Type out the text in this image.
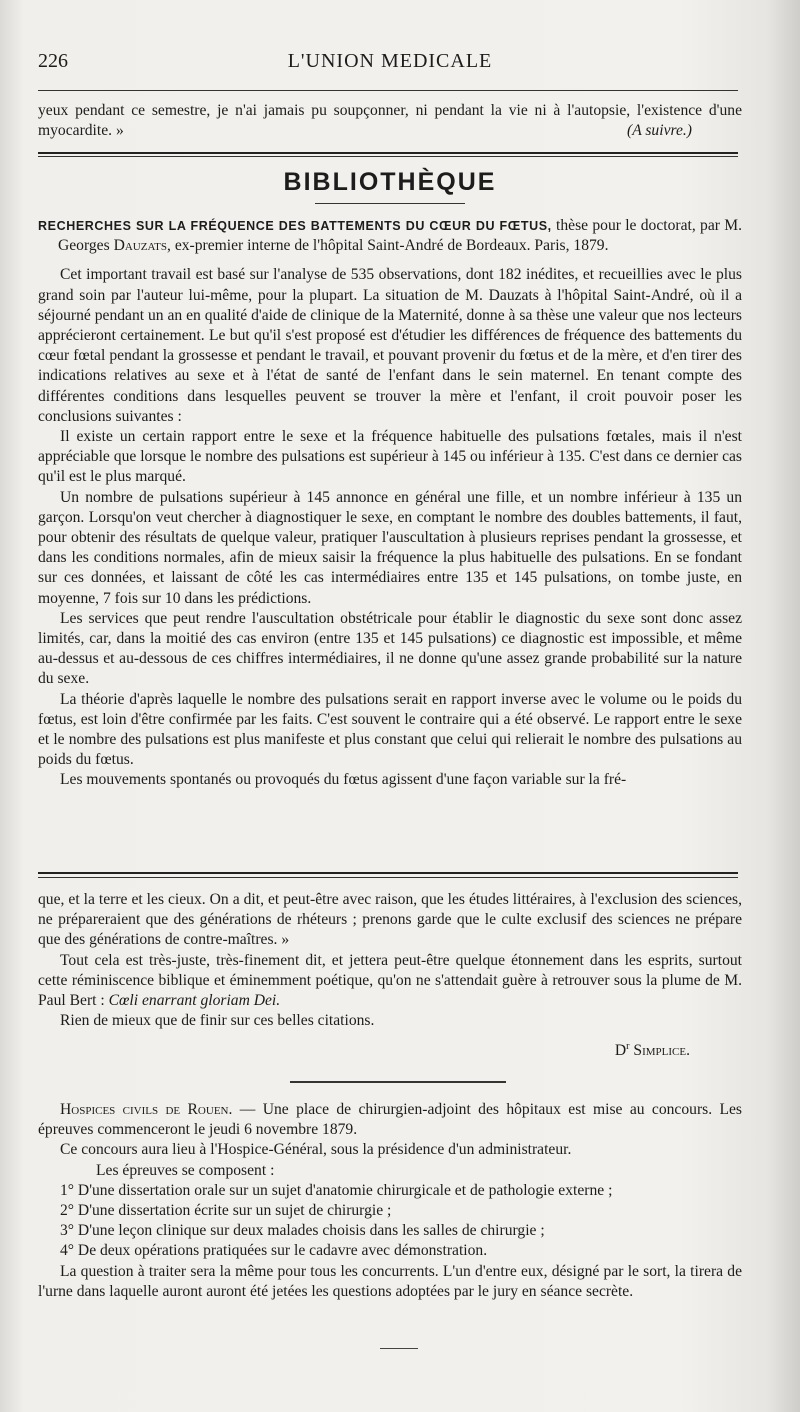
226	L'UNION MEDICALE

yeux pendant ce semestre, je n'ai jamais pu soupçonner, ni pendant la vie ni à l'autopsie, l'existence d'une myocardite. »	(A suivre.)

BIBLIOTHÈQUE

RECHERCHES SUR LA FRÉQUENCE DES BATTEMENTS DU CŒUR DU FŒTUS, thèse pour le doctorat, par M. Georges Dauzats, ex-premier interne de l'hôpital Saint-André de Bordeaux. Paris, 1879.

Cet important travail est basé sur l'analyse de 535 observations, dont 182 inédites, et recueillies avec le plus grand soin par l'auteur lui-même, pour la plupart. La situation de M. Dauzats à l'hôpital Saint-André, où il a séjourné pendant un an en qualité d'aide de clinique de la Maternité, donne à sa thèse une valeur que nos lecteurs apprécieront certainement. Le but qu'il s'est proposé est d'étudier les différences de fréquence des battements du cœur fœtal pendant la grossesse et pendant le travail, et pouvant provenir du fœtus et de la mère, et d'en tirer des indications relatives au sexe et à l'état de santé de l'enfant dans le sein maternel. En tenant compte des différentes conditions dans lesquelles peuvent se trouver la mère et l'enfant, il croit pouvoir poser les conclusions suivantes :

Il existe un certain rapport entre le sexe et la fréquence habituelle des pulsations fœtales, mais il n'est appréciable que lorsque le nombre des pulsations est supérieur à 145 ou inférieur à 135. C'est dans ce dernier cas qu'il est le plus marqué.

Un nombre de pulsations supérieur à 145 annonce en général une fille, et un nombre inférieur à 135 un garçon. Lorsqu'on veut chercher à diagnostiquer le sexe, en comptant le nombre des doubles battements, il faut, pour obtenir des résultats de quelque valeur, pratiquer l'auscultation à plusieurs reprises pendant la grossesse, et dans les conditions normales, afin de mieux saisir la fréquence la plus habituelle des pulsations. En se fondant sur ces données, et laissant de côté les cas intermédiaires entre 135 et 145 pulsations, on tombe juste, en moyenne, 7 fois sur 10 dans les prédictions.

Les services que peut rendre l'auscultation obstétricale pour établir le diagnostic du sexe sont donc assez limités, car, dans la moitié des cas environ (entre 135 et 145 pulsations) ce diagnostic est impossible, et même au-dessus et au-dessous de ces chiffres intermédiaires, il ne donne qu'une assez grande probabilité sur la nature du sexe.

La théorie d'après laquelle le nombre des pulsations serait en rapport inverse avec le volume ou le poids du fœtus, est loin d'être confirmée par les faits. C'est souvent le contraire qui a été observé. Le rapport entre le sexe et le nombre des pulsations est plus manifeste et plus constant que celui qui relierait le nombre des pulsations au poids du fœtus.

Les mouvements spontanés ou provoqués du fœtus agissent d'une façon variable sur la fré-

que, et la terre et les cieux. On a dit, et peut-être avec raison, que les études littéraires, à l'exclusion des sciences, ne prépareraient que des générations de rhéteurs ; prenons garde que le culte exclusif des sciences ne prépare que des générations de contre-maîtres. »

Tout cela est très-juste, très-finement dit, et jettera peut-être quelque étonnement dans les esprits, surtout cette réminiscence biblique et éminemment poétique, qu'on ne s'attendait guère à retrouver sous la plume de M. Paul Bert : Cœli enarrant gloriam Dei.

Rien de mieux que de finir sur ces belles citations.

$D^r$ Simplice.

Hospices civils de Rouen. — Une place de chirurgien-adjoint des hôpitaux est mise au concours. Les épreuves commenceront le jeudi 6 novembre 1879.

Ce concours aura lieu à l'Hospice-Général, sous la présidence d'un administrateur.

Les épreuves se composent :

1° D'une dissertation orale sur un sujet d'anatomie chirurgicale et de pathologie externe ;

2° D'une dissertation écrite sur un sujet de chirurgie ;

3° D'une leçon clinique sur deux malades choisis dans les salles de chirurgie ;

4° De deux opérations pratiquées sur le cadavre avec démonstration.

La question à traiter sera la même pour tous les concurrents. L'un d'entre eux, désigné par le sort, la tirera de l'urne dans laquelle auront auront été jetées les questions adoptées par le jury en séance secrète.
